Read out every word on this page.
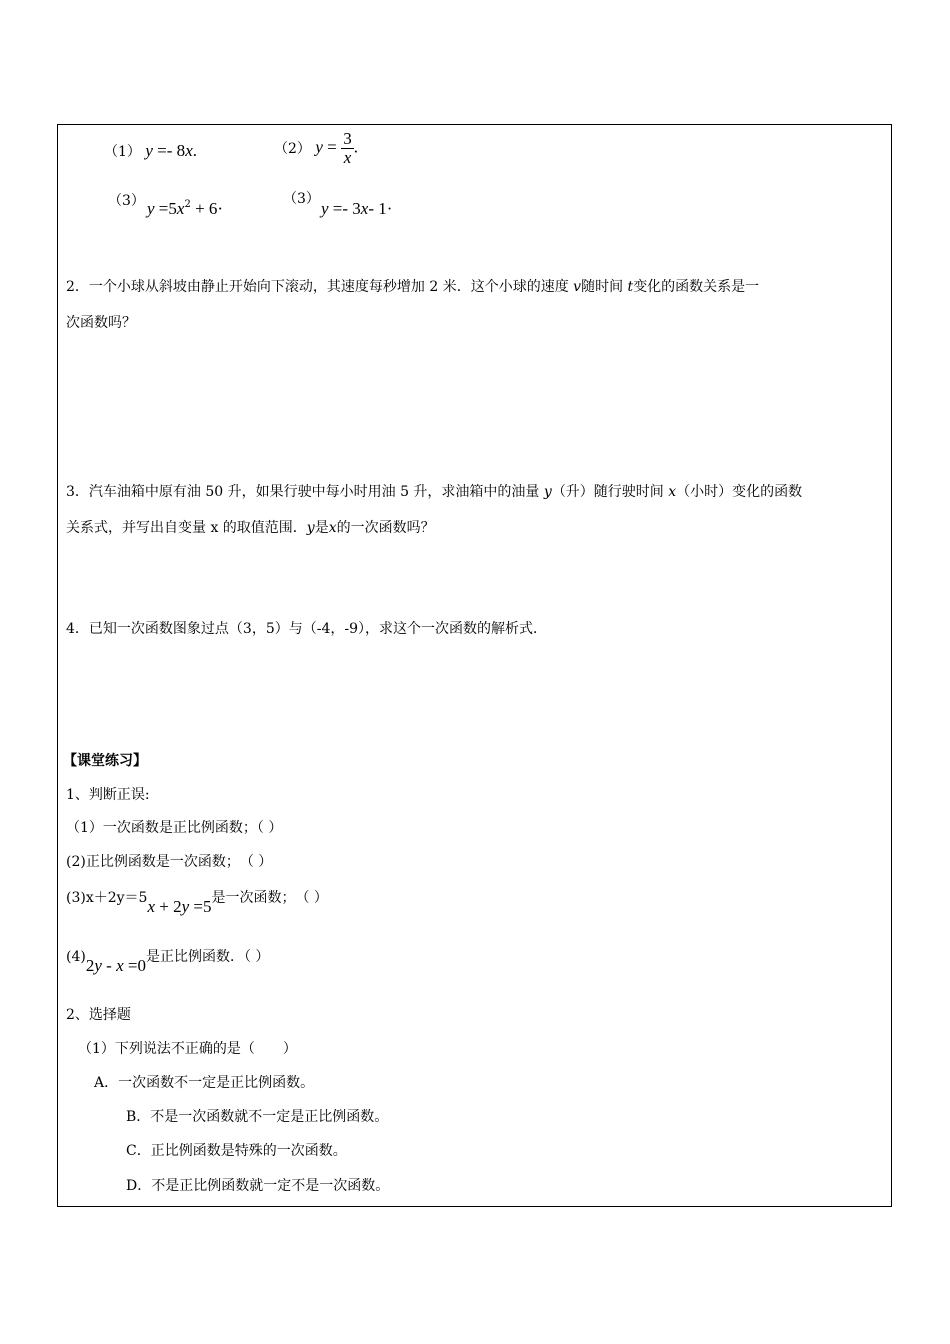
（1） y =- 8x.	（2） $y = \frac{3}{x}$ .
（3） $y =5x^2 + 6\cdot$	（3） y =- 3x- 1·
2．一个小球从斜坡由静止开始向下滚动，其速度每秒增加 2 米．这个小球的速度 v随时间 t变化的函数关系是一
次函数吗？
3．汽车油箱中原有油 50 升，如果行驶中每小时用油 5 升，求油箱中的油量 y（升）随行驶时间 x（小时）变化的函数
关系式，并写出自变量 x 的取值范围．y是x的一次函数吗？
4．已知一次函数图象过点（3，5）与（-4，-9），求这个一次函数的解析式．
【课堂练习】
1、判断正误:
（1）一次函数是正比例函数；（ ）
(2)正比例函数是一次函数；　（ ）
(3)x＋2y＝5x + 2y =5是一次函数；　（ ）
(4)2y - x =0是正比例函数．（ ）
2、选择题
（1）下列说法不正确的是（　　）
A．一次函数不一定是正比例函数。
B．不是一次函数就不一定是正比例函数。
C．正比例函数是特殊的一次函数。
D．不是正比例函数就一定不是一次函数。
